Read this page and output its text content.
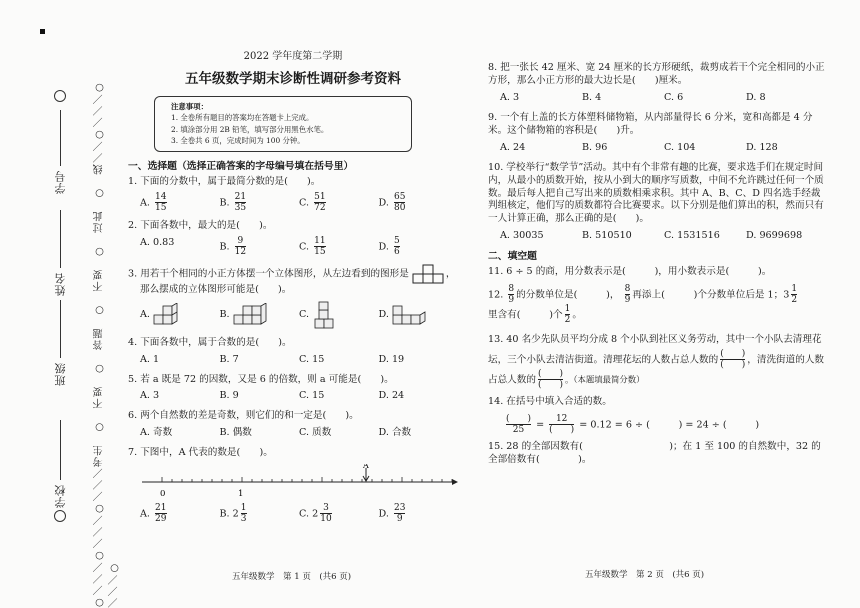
学校
班级
姓名
学号	○／／／○／／／○／／／考生　○　不要　○　答题　○　不要　○　过此　○　线／／○／／／○／／／○

2022 学年度第二学期

五年级数学期末诊断性调研参考资料

注意事项：
1. 全卷所有题目的答案均在答题卡上完成。
2. 填涂部分用 2B 铅笔，填写部分用黑色水笔。
3. 全卷共 6 页，完成时间为 100 分钟。
一、选择题（选择正确答案的字母编号填在括号里）
1. 下面的分数中，属于最简分数的是(　　)。
A. $\frac{14}{15}$	B. $\frac{21}{35}$	C. $\frac{51}{72}$	D. $\frac{65}{80}$
2. 下面各数中，最大的是(　　)。
A. 0.83	B. $\frac{9}{12}$	C. $\frac{11}{15}$	D. $\frac{5}{6}$
3. 用若干个相同的小正方体摆一个立体图形，从左边看到的图形是	，
那么摆成的立体图形可能是(　　)。
A.	B.	C.	D.
4. 下面各数中，属于合数的是(　　)。
A. 1	B. 7	C. 15	D. 19
5. 若 a 既是 72 的因数，又是 6 的倍数，则 a 可能是(　　)。
A. 3	B. 9	C. 15	D. 24
6. 两个自然数的差是奇数，则它们的和一定是(　　)。
A. 奇数	B. 偶数	C. 质数	D. 合数
7. 下图中，A 代表的数是(　　)。
A
0	1
A. $\frac{21}{29}$	B. $2 \frac{1}{3}$	C. $2 \frac{3}{10}$	D. $\frac{23}{9}$
8. 把一张长 42 厘米、宽 24 厘米的长方形硬纸，裁剪成若干个完全相同的小正方形，那么小正方形的最大边长是(　　)厘米。
A. 3	B. 4	C. 6	D. 8
9. 一个有上盖的长方体塑料储物箱，从内部量得长 6 分米，宽和高都是 4 分米。这个储物箱的容积是(　　)升。
A. 24	B. 96	C. 104	D. 128
10. 学校举行“数学节”活动。其中有个非常有趣的比赛，要求选手们在规定时间内，从最小的质数开始，按从小到大的顺序写质数，中间不允许跳过任何一个质数。最后每人把自己写出来的质数相乘求积。其中 A、B、C、D 四名选手经裁判组核定，他们写的质数都符合比赛要求。以下分别是他们算出的积，然而只有一人计算正确，那么正确的是(　　)。
A. 30035	B. 510510	C. 1531516	D. 9699698
二、填空题
11. 6 ÷ 5 的商，用分数表示是(　　　)，用小数表示是(　　　)。
12. $\frac{8}{9}$ 的分数单位是(　　　)， $\frac{8}{9}$ 再添上(　　　)个分数单位后是 1；$3 \frac{1}{2}$

里含有(　　　)个 $\frac{1}{2}$ 。
13. 40 名少先队员平均分成 8 个小队到社区义务劳动，其中一个小队去清理花坛，三个小队去清洁街道。清理花坛的人数占总人数的 $\frac{( )}{( )}$ ，清洗街道的人数占总人数的 $\frac{( )}{( )}$ 。（本题填最简分数）
14. 在括号中填入合适的数。
$\frac{( )}{25} = \frac{12}{( )} = 0.12 = 6$ ÷ (　　　) = 24 ÷ (　　　)
15. 28 的全部因数有(　　　　　　　　　)；在 1 至 100 的自然数中，32 的全部倍数有(　　　　)。
五年级数学　第 1 页　(共6 页)	五年级数学　第 2 页　(共6 页)
